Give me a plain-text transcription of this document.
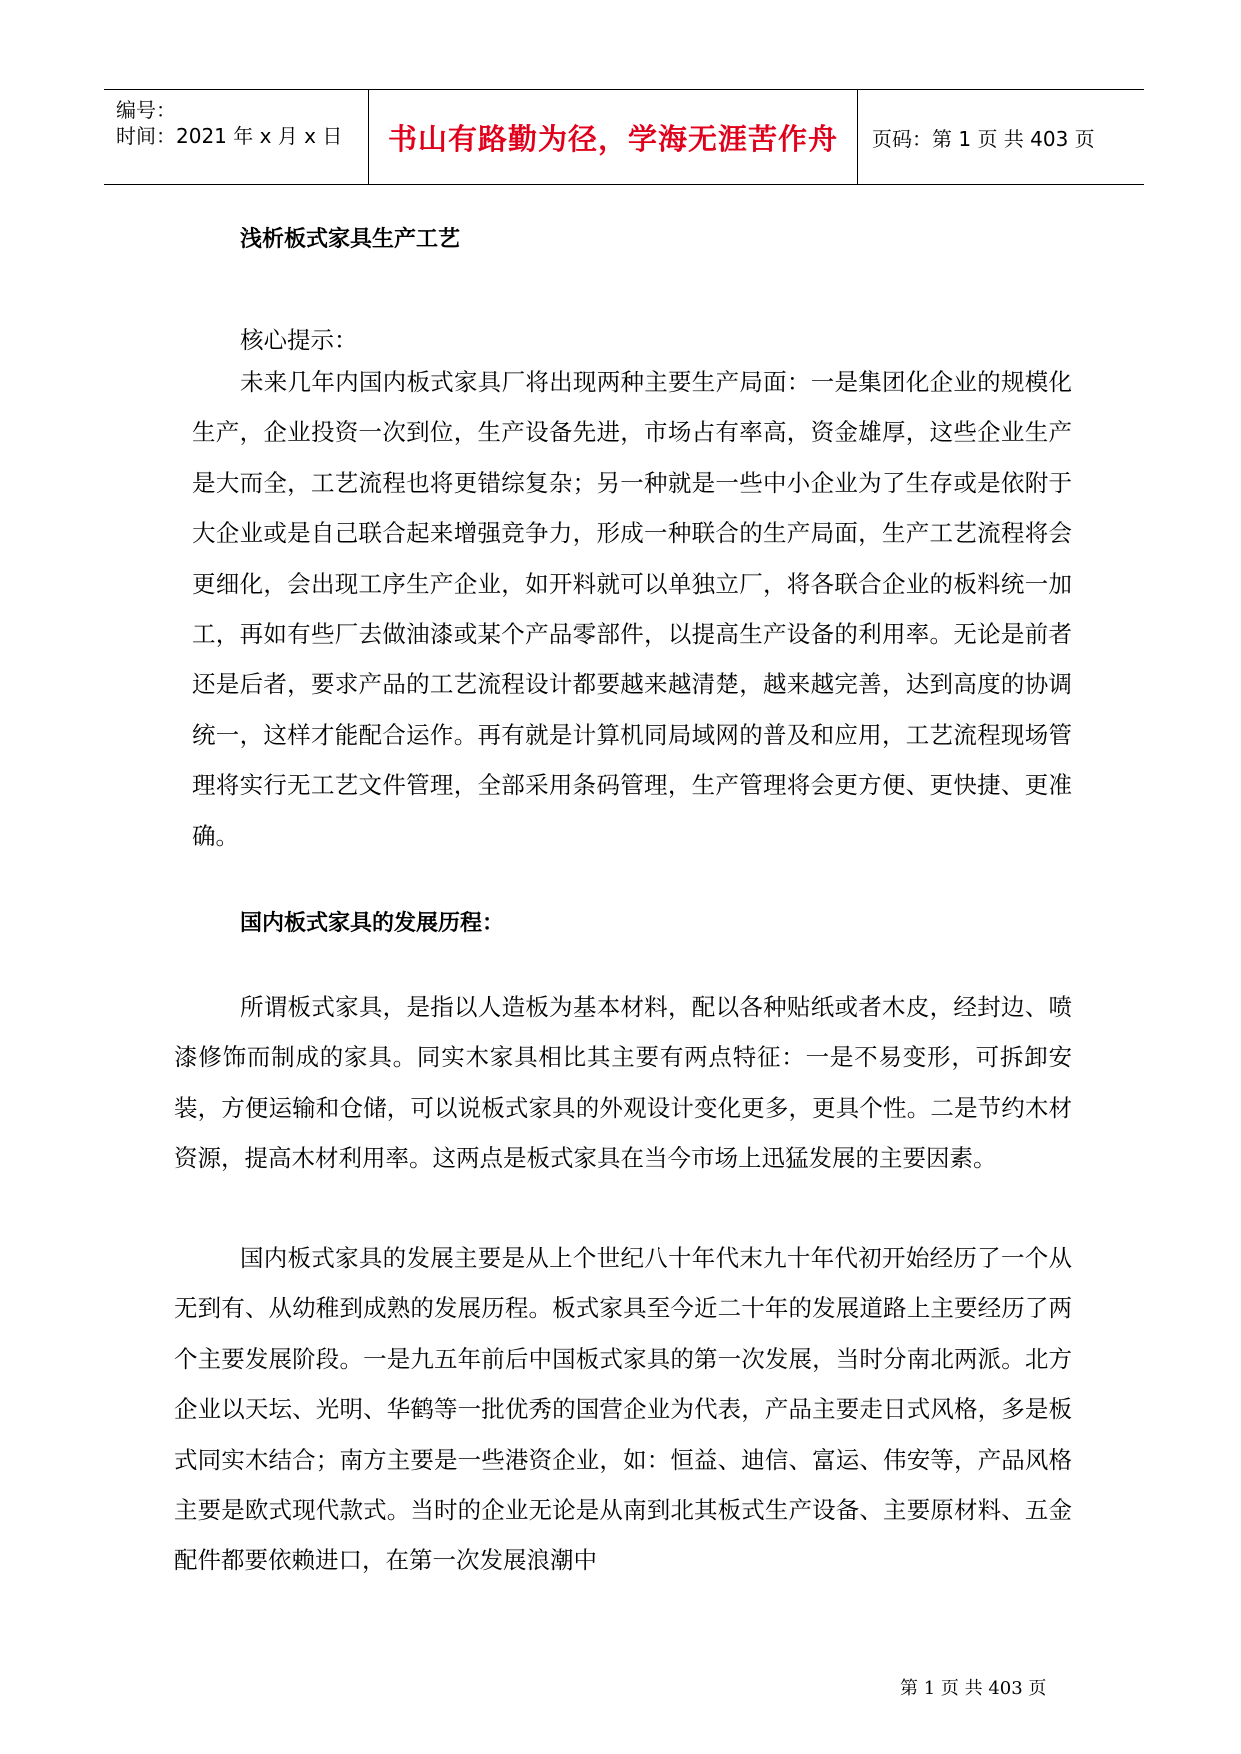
编号：
时间：2021 年 x 月 x 日 书山有路勤为径，学海无涯苦作舟 页码：第 1 页 共 403 页
浅析板式家具生产工艺
核心提示：
未来几年内国内板式家具厂将出现两种主要生产局面：一是集团化企业的规模化生产，企业投资一次到位，生产设备先进，市场占有率高，资金雄厚，这些企业生产是大而全，工艺流程也将更错综复杂；另一种就是一些中小企业为了生存或是依附于大企业或是自己联合起来增强竞争力，形成一种联合的生产局面，生产工艺流程将会更细化，会出现工序生产企业，如开料就可以单独立厂，将各联合企业的板料统一加工，再如有些厂去做油漆或某个产品零部件，以提高生产设备的利用率。无论是前者还是后者，要求产品的工艺流程设计都要越来越清楚，越来越完善，达到高度的协调统一，这样才能配合运作。再有就是计算机同局域网的普及和应用，工艺流程现场管理将实行无工艺文件管理，全部采用条码管理，生产管理将会更方便、更快捷、更准确。
国内板式家具的发展历程：
所谓板式家具，是指以人造板为基本材料，配以各种贴纸或者木皮，经封边、喷漆修饰而制成的家具。同实木家具相比其主要有两点特征：一是不易变形，可拆卸安装，方便运输和仓储，可以说板式家具的外观设计变化更多，更具个性。二是节约木材资源，提高木材利用率。这两点是板式家具在当今市场上迅猛发展的主要因素。
国内板式家具的发展主要是从上个世纪八十年代末九十年代初开始经历了一个从无到有、从幼稚到成熟的发展历程。板式家具至今近二十年的发展道路上主要经历了两个主要发展阶段。一是九五年前后中国板式家具的第一次发展，当时分南北两派。北方企业以天坛、光明、华鹤等一批优秀的国营企业为代表，产品主要走日式风格，多是板式同实木结合；南方主要是一些港资企业，如：恒益、迪信、富运、伟安等，产品风格主要是欧式现代款式。当时的企业无论是从南到北其板式生产设备、主要原材料、五金配件都要依赖进口，在第一次发展浪潮中
第 1 页 共 403 页
